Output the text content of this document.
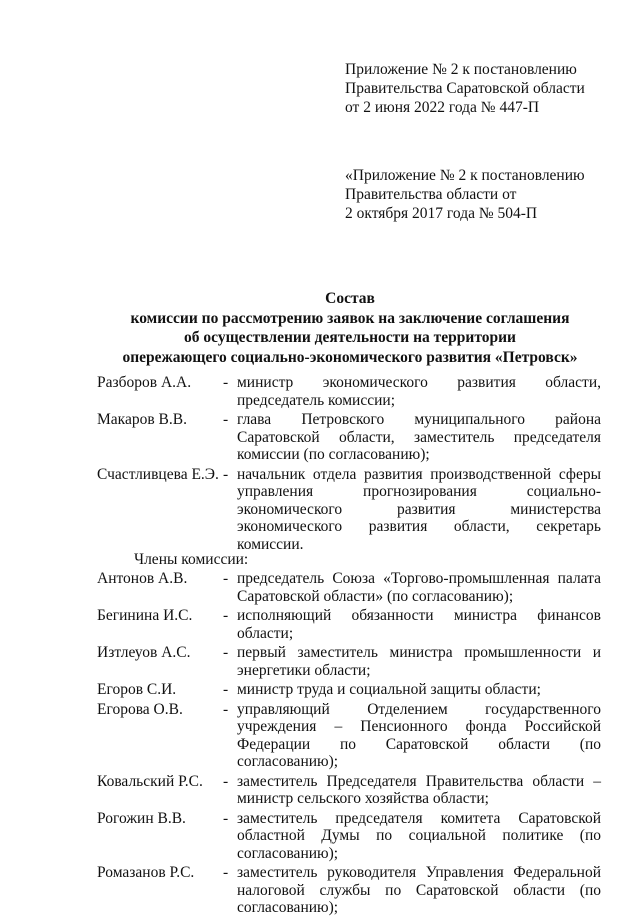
Приложение № 2 к постановлению
Правительства Саратовской области
от 2 июня 2022 года № 447-П
«Приложение № 2 к постановлению
Правительства области от
2 октября 2017 года № 504-П
Состав
комиссии по рассмотрению заявок на заключение соглашения
об осуществлении деятельности на территории
опережающего социально-экономического развития «Петровск»
Разборов А.А.	- министр экономического развития области, председатель комиссии;
Макаров В.В.	- глава Петровского муниципального района Саратовской области, заместитель председателя комиссии (по согласованию);
Счастливцева Е.Э. - начальник отдела развития производственной сферы управления прогнозирования социально-экономического развития министерства экономического развития области, секретарь комиссии.
Члены комиссии:
Антонов А.В.	- председатель Союза «Торгово-промышленная палата Саратовской области» (по согласованию);
Бегинина И.С.	- исполняющий обязанности министра финансов области;
Изтлеуов А.С.	- первый заместитель министра промышленности и энергетики области;
Егоров С.И.	- министр труда и социальной защиты области;
Егорова О.В.	- управляющий Отделением государственного учреждения – Пенсионного фонда Российской Федерации по Саратовской области (по согласованию);
Ковальский Р.С.	- заместитель Председателя Правительства области – министр сельского хозяйства области;
Рогожин В.В.	- заместитель председателя комитета Саратовской областной Думы по социальной политике (по согласованию);
Ромазанов Р.С.	- заместитель руководителя Управления Федеральной налоговой службы по Саратовской области (по согласованию);
